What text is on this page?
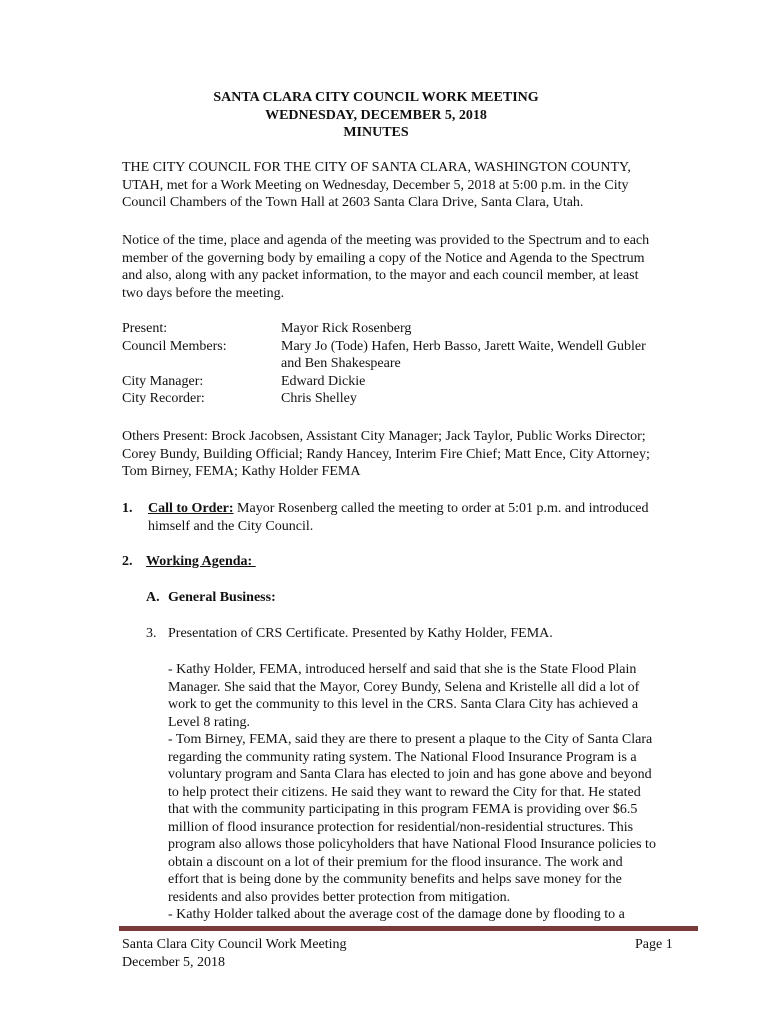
SANTA CLARA CITY COUNCIL WORK MEETING
WEDNESDAY, DECEMBER 5, 2018
MINUTES
THE CITY COUNCIL FOR THE CITY OF SANTA CLARA, WASHINGTON COUNTY,
UTAH, met for a Work Meeting on Wednesday, December 5, 2018 at 5:00 p.m. in the City
Council Chambers of the Town Hall at 2603 Santa Clara Drive, Santa Clara, Utah.
Notice of the time, place and agenda of the meeting was provided to the Spectrum and to each
member of the governing body by emailing a copy of the Notice and Agenda to the Spectrum
and also, along with any packet information, to the mayor and each council member, at least
two days before the meeting.
Present:	Mayor Rick Rosenberg
Council Members:	Mary Jo (Tode) Hafen, Herb Basso, Jarett Waite, Wendell Gubler
and Ben Shakespeare
City Manager:	Edward Dickie
City Recorder:	Chris Shelley
Others Present: Brock Jacobsen, Assistant City Manager; Jack Taylor, Public Works Director;
Corey Bundy, Building Official; Randy Hancey, Interim Fire Chief; Matt Ence, City Attorney;
Tom Birney, FEMA; Kathy Holder FEMA
1. Call to Order: Mayor Rosenberg called the meeting to order at 5:01 p.m. and introduced
himself and the City Council.
2. Working Agenda:
A. General Business:
3. Presentation of CRS Certificate. Presented by Kathy Holder, FEMA.
- Kathy Holder, FEMA, introduced herself and said that she is the State Flood Plain
Manager. She said that the Mayor, Corey Bundy, Selena and Kristelle all did a lot of
work to get the community to this level in the CRS. Santa Clara City has achieved a
Level 8 rating.
- Tom Birney, FEMA, said they are there to present a plaque to the City of Santa Clara
regarding the community rating system. The National Flood Insurance Program is a
voluntary program and Santa Clara has elected to join and has gone above and beyond
to help protect their citizens. He said they want to reward the City for that. He stated
that with the community participating in this program FEMA is providing over $6.5
million of flood insurance protection for residential/non-residential structures. This
program also allows those policyholders that have National Flood Insurance policies to
obtain a discount on a lot of their premium for the flood insurance. The work and
effort that is being done by the community benefits and helps save money for the
residents and also provides better protection from mitigation.
- Kathy Holder talked about the average cost of the damage done by flooding to a
Santa Clara City Council Work Meeting
December 5, 2018
Page 1
